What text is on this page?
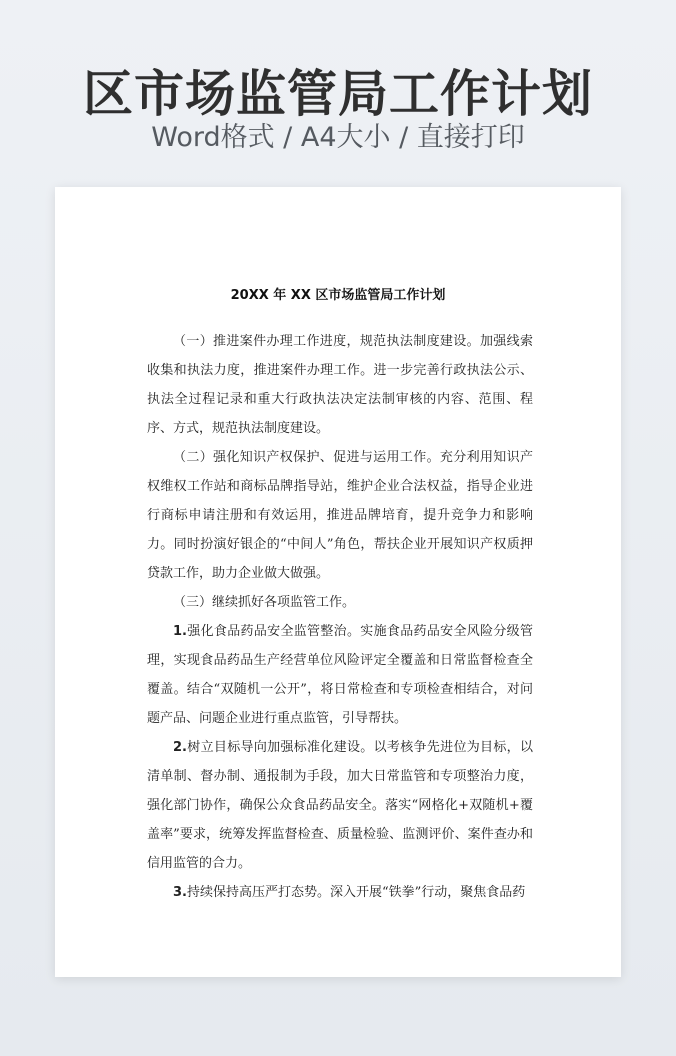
区市场监管局工作计划
Word格式 / A4大小 / 直接打印
20XX 年 XX 区市场监管局工作计划

（一）推进案件办理工作进度，规范执法制度建设。加强线索收集和执法力度，推进案件办理工作。进一步完善行政执法公示、执法全过程记录和重大行政执法决定法制审核的内容、范围、程序、方式，规范执法制度建设。

（二）强化知识产权保护、促进与运用工作。充分利用知识产权维权工作站和商标品牌指导站，维护企业合法权益，指导企业进行商标申请注册和有效运用，推进品牌培育，提升竞争力和影响力。同时扮演好银企的“中间人”角色，帮扶企业开展知识产权质押贷款工作，助力企业做大做强。

（三）继续抓好各项监管工作。

1.强化食品药品安全监管整治。实施食品药品安全风险分级管理，实现食品药品生产经营单位风险评定全覆盖和日常监督检查全覆盖。结合“双随机一公开”，将日常检查和专项检查相结合，对问题产品、问题企业进行重点监管，引导帮扶。

2.树立目标导向加强标准化建设。以考核争先进位为目标，以清单制、督办制、通报制为手段，加大日常监管和专项整治力度，强化部门协作，确保公众食品药品安全。落实“网格化+双随机+覆盖率”要求，统筹发挥监督检查、质量检验、监测评价、案件查办和信用监管的合力。

3.持续保持高压严打态势。深入开展“铁拳”行动，聚焦食品药
